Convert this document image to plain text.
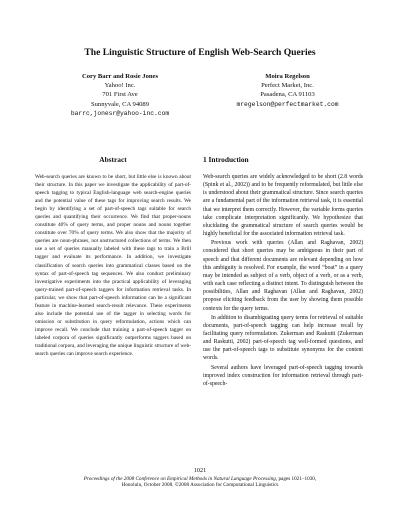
The Linguistic Structure of English Web-Search Queries
Cory Barr and Rosie Jones
Yahoo! Inc.
701 First Ave
Sunnyvale, CA 94089
barrc,jonesr@yahoo-inc.com
Moira Regelson
Perfect Market, Inc.
Pasadena, CA 91103
mregelson@perfectmarket.com
Abstract

Web-search queries are known to be short, but little else is known about their structure. In this paper we investigate the applicability of part-of-speech tagging to typical English-language web search-engine queries and the potential value of these tags for improving search results. We begin by identifying a set of part-of-speech tags suitable for search queries and quantifying their occurrence. We find that proper-nouns constitute 40% of query terms, and proper nouns and nouns together constitute over 70% of query terms. We also show that the majority of queries are noun-phrases, not unstructured collections of terms. We then use a set of queries manually labeled with these tags to train a Brill tagger and evaluate its performance. In addition, we investigate classification of search queries into grammatical classes based on the syntax of part-of-speech tag sequences. We also conduct preliminary investigative experiments into the practical applicability of leveraging query-trained part-of-speech taggers for information retrieval tasks. In particular, we show that part-of-speech information can be a significant feature in machine-learned search-result relevance. These experiments also include the potential use of the tagger in selecting words for omission or substitution in query reformulation, actions which can improve recall. We conclude that training a part-of-speech tagger on labeled corpora of queries significantly outperforms taggers based on traditional corpora, and leveraging the unique linguistic structure of web-search queries can improve search experience.

1 Introduction

Web-search queries are widely acknowledged to be short (2.8 words (Spink et al., 2002)) and to be frequently reformulated, but little else is understood about their grammatical structure. Since search queries are a fundamental part of the information retrieval task, it is essential that we interpret them correctly. However, the variable forms queries take complicate interpretation significantly. We hypothesize that elucidating the grammatical structure of search queries would be highly beneficial for the associated information retrieval task.

Previous work with queries (Allan and Raghavan, 2002) considered that short queries may be ambiguous in their part of speech and that different documents are relevant depending on how this ambiguity is resolved. For example, the word “boat” in a query may be intended as subject of a verb, object of a verb, or as a verb, with each case reflecting a distinct intent. To distinguish between the possibilities, Allan and Raghavan (Allan and Raghavan, 2002) propose eliciting feedback from the user by showing them possible contexts for the query terms.

In addition to disambiguating query terms for retrieval of suitable documents, part-of-speech tagging can help increase recall by facilitating query reformulation. Zukerman and Raskutti (Zukerman and Raskutti, 2002) part-of-speech tag well-formed questions, and use the part-of-speech tags to substitute synonyms for the content words.

Several authors have leveraged part-of-speech tagging towards improved index construction for information retrieval through part-of-speech-

1021
Proceedings of the 2008 Conference on Empirical Methods in Natural Language Processing, pages 1021–1030,
Honolulu, October 2008. ©2008 Association for Computational Linguistics
